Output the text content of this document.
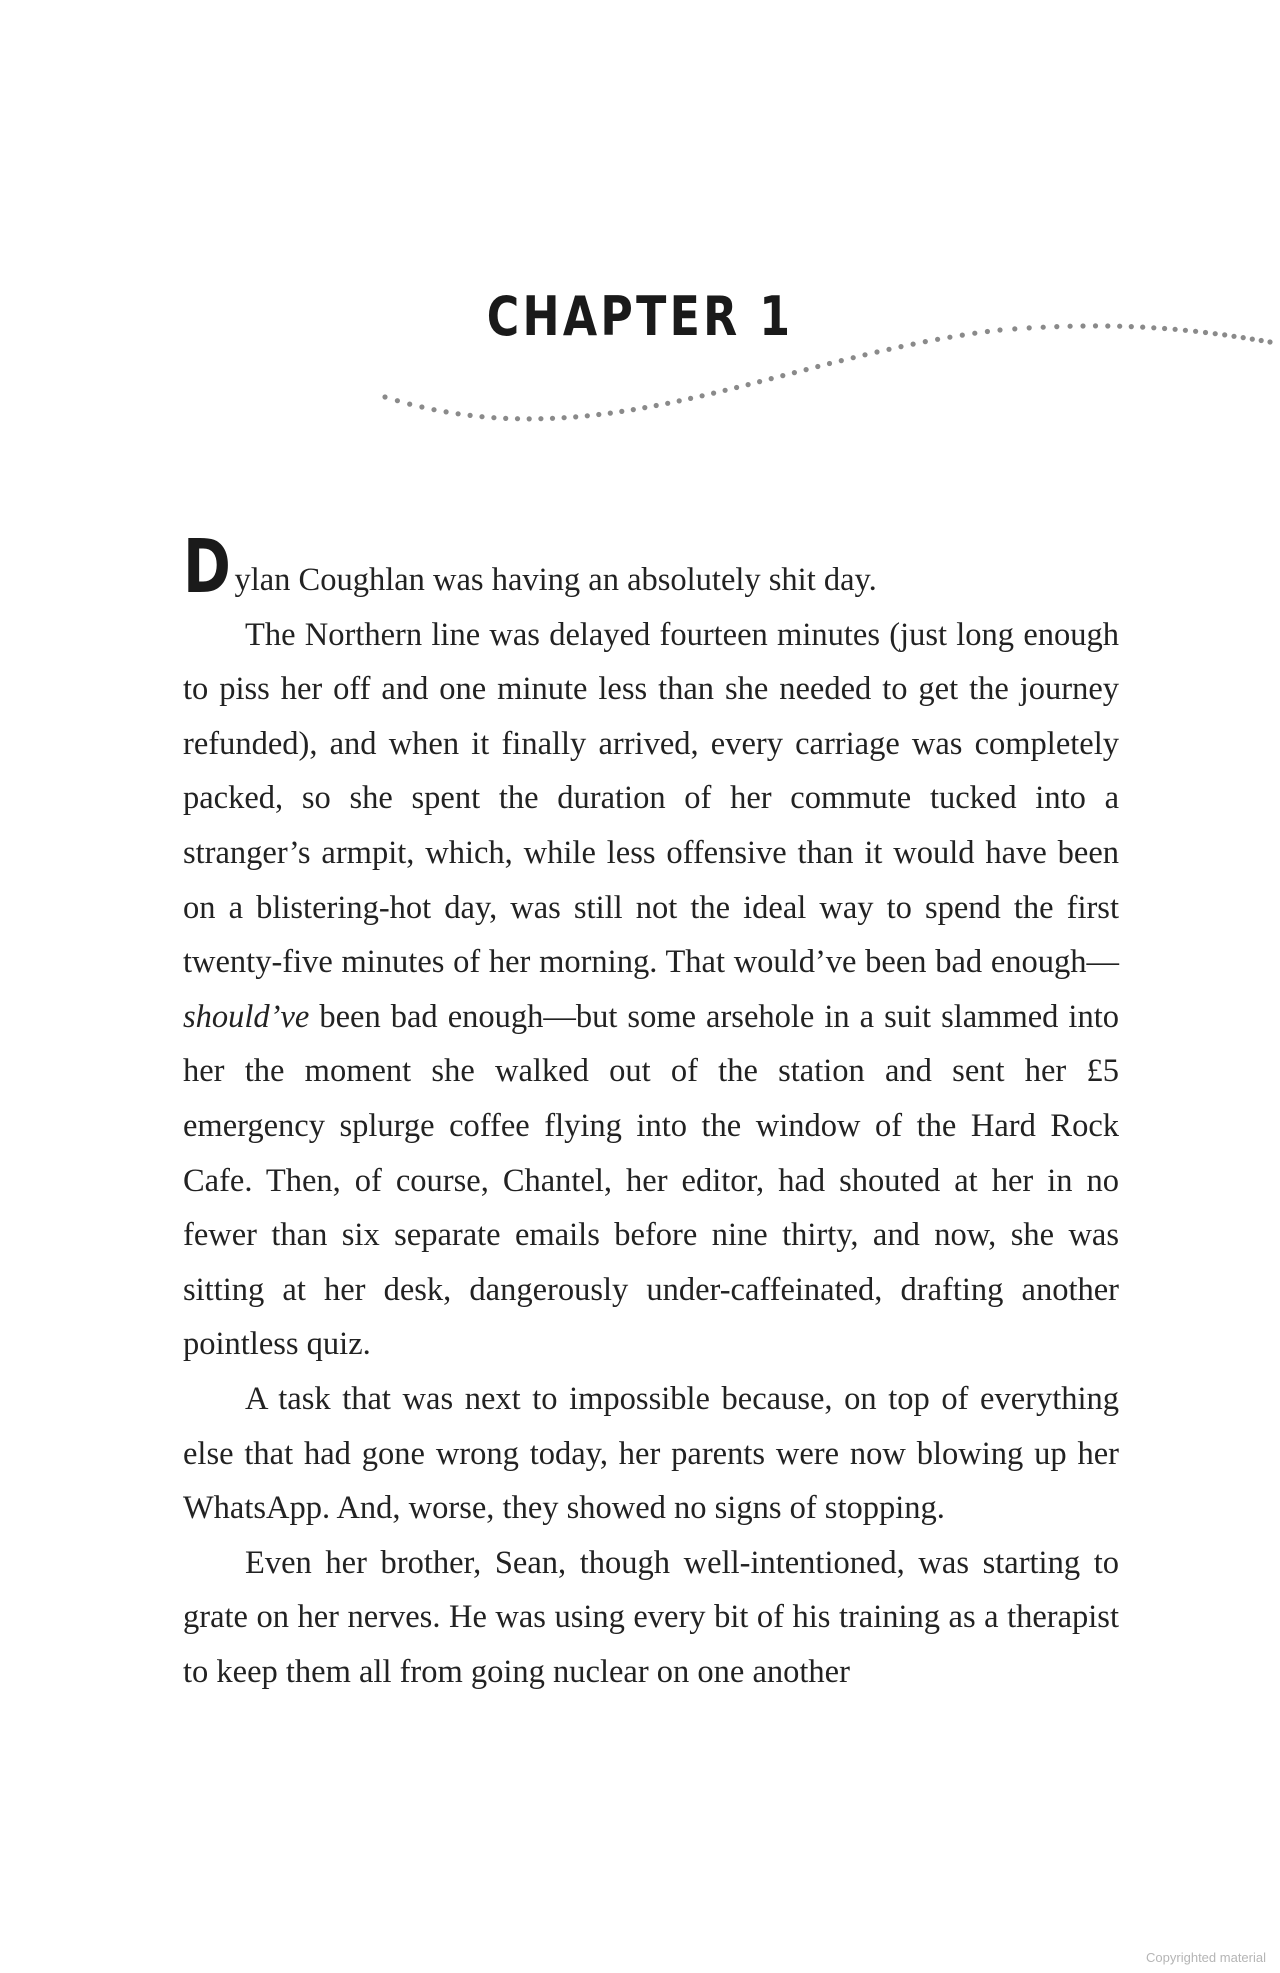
CHAPTER 1

Dylan Coughlan was having an absolutely shit day.

The Northern line was delayed fourteen minutes (just long enough to piss her off and one minute less than she needed to get the journey refunded), and when it finally arrived, every carriage was completely packed, so she spent the duration of her commute tucked into a stranger’s armpit, which, while less offensive than it would have been on a blistering-hot day, was still not the ideal way to spend the first twenty-five minutes of her morning. That would’ve been bad enough—should’ve been bad enough—but some arsehole in a suit slammed into her the moment she walked out of the station and sent her £5 emergency splurge coffee flying into the window of the Hard Rock Cafe. Then, of course, Chantel, her editor, had shouted at her in no fewer than six separate emails before nine thirty, and now, she was sitting at her desk, dangerously under-caffeinated, drafting another pointless quiz.

A task that was next to impossible because, on top of everything else that had gone wrong today, her parents were now blowing up her WhatsApp. And, worse, they showed no signs of stopping.

Even her brother, Sean, though well-intentioned, was starting to grate on her nerves. He was using every bit of his training as a therapist to keep them all from going nuclear on one another

Copyrighted material
